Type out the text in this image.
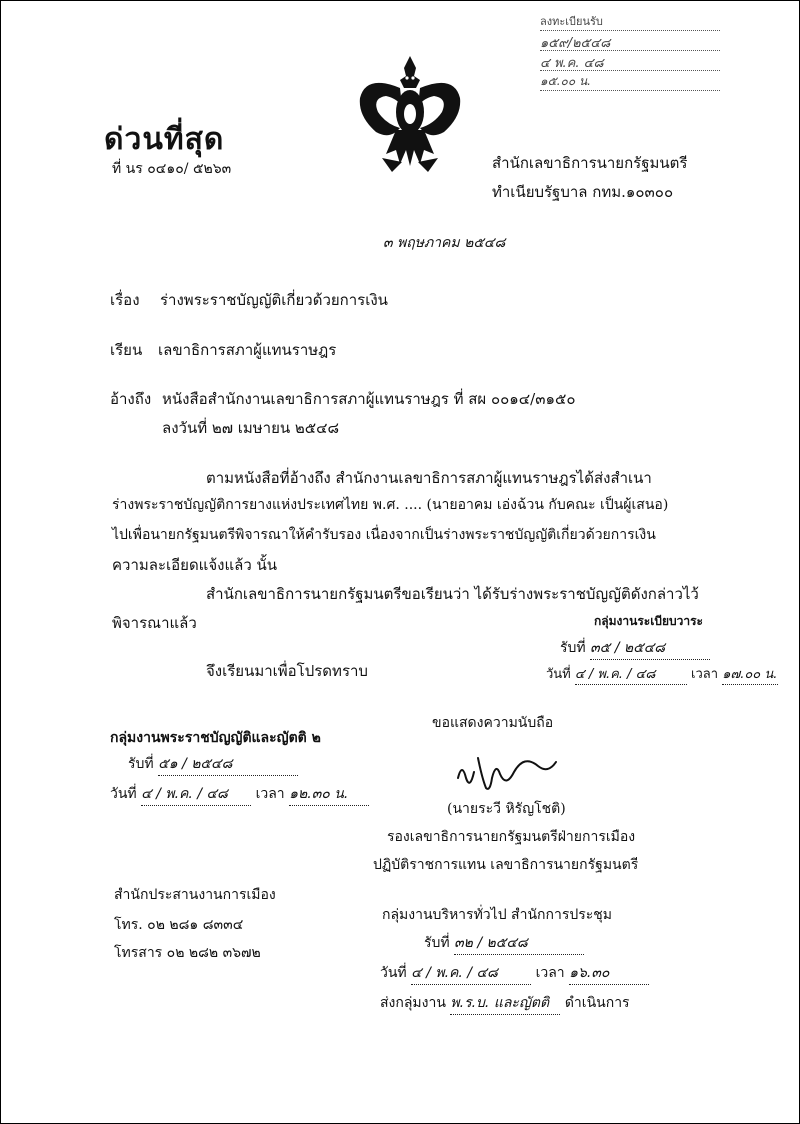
ลงทะเบียนรับ
๑๕๙/๒๕๔๘
๔ พ.ค. ๔๘
๑๕.๐๐ น.
ด่วนที่สุด
ที่ นร ๐๔๑๐/ ๕๒๖๓	สำนักเลขาธิการนายกรัฐมนตรี
ทำเนียบรัฐบาล กทม.๑๐๓๐๐
๓ พฤษภาคม ๒๕๔๘
เรื่อง ร่างพระราชบัญญัติเกี่ยวด้วยการเงิน
เรียน เลขาธิการสภาผู้แทนราษฎร
อ้างถึง หนังสือสำนักงานเลขาธิการสภาผู้แทนราษฎร ที่ สผ ๐๐๑๔/๓๑๕๐
ลงวันที่ ๒๗ เมษายน ๒๕๔๘
ตามหนังสือที่อ้างถึง สำนักงานเลขาธิการสภาผู้แทนราษฎรได้ส่งสำเนา
ร่างพระราชบัญญัติการยางแห่งประเทศไทย พ.ศ. .... (นายอาคม เอ่งฉ้วน กับคณะ เป็นผู้เสนอ)
ไปเพื่อนายกรัฐมนตรีพิจารณาให้คำรับรอง เนื่องจากเป็นร่างพระราชบัญญัติเกี่ยวด้วยการเงิน
ความละเอียดแจ้งแล้ว นั้น
สำนักเลขาธิการนายกรัฐมนตรีขอเรียนว่า ได้รับร่างพระราชบัญญัติดังกล่าวไว้
พิจารณาแล้ว
จึงเรียนมาเพื่อโปรดทราบ
กลุ่มงานระเบียบวาระ
รับที่ ๓๕ / ๒๕๔๘
วันที่ ๔ / พ.ค. / ๔๘	เวลา ๑๗.๐๐ น.
กลุ่มงานพระราชบัญญัติและญัตติ ๒
รับที่ ๕๑ / ๒๕๔๘
วันที่ ๔ / พ.ค. / ๔๘ เวลา ๑๒.๓๐ น.
ขอแสดงความนับถือ
(นายระวี หิรัญโชติ)
รองเลขาธิการนายกรัฐมนตรีฝ่ายการเมือง
ปฏิบัติราชการแทน เลขาธิการนายกรัฐมนตรี
สำนักประสานงานการเมือง
โทร. ๐๒ ๒๘๑ ๘๓๓๔
โทรสาร ๐๒ ๒๘๒ ๓๖๗๒
กลุ่มงานบริหารทั่วไป สำนักการประชุม
รับที่ ๓๒ / ๒๕๔๘
วันที่ ๔ / พ.ค. / ๔๘	เวลา ๑๖.๓๐
ส่งกลุ่มงาน พ.ร.บ. และญัตติ ดำเนินการ
